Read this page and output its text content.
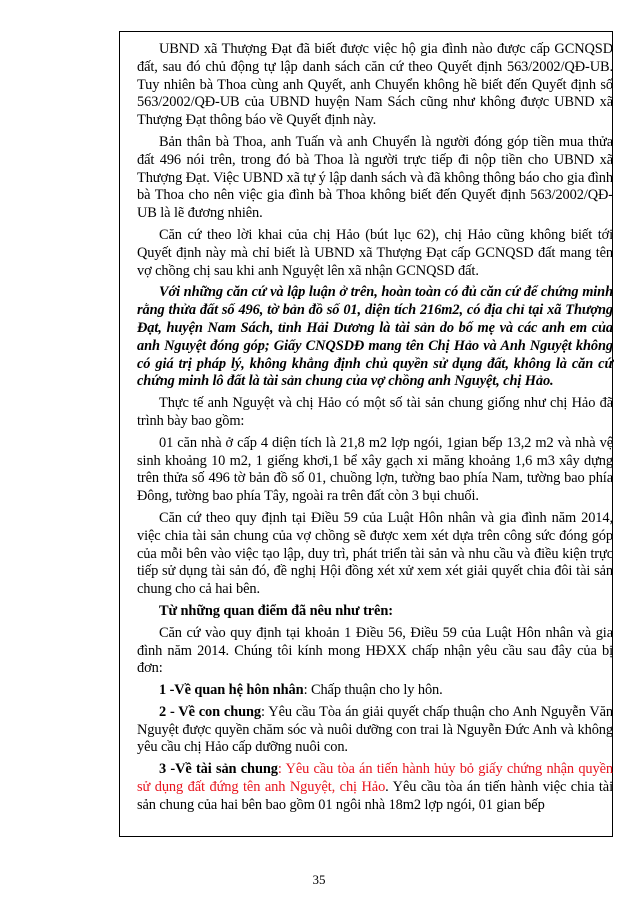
UBND xã Thượng Đạt đã biết được việc hộ gia đình nào được cấp GCNQSD đất, sau đó chủ động tự lập danh sách căn cứ theo Quyết định 563/2002/QĐ-UB. Tuy nhiên bà Thoa cùng anh Quyết, anh Chuyển không hề biết đến Quyết định số 563/2002/QĐ-UB của UBND huyện Nam Sách cũng như không được UBND xã Thượng Đạt thông báo về Quyết định này.

Bản thân bà Thoa, anh Tuấn và anh Chuyển là người đóng góp tiền mua thửa đất 496 nói trên, trong đó bà Thoa là người trực tiếp đi nộp tiền cho UBND xã Thượng Đạt. Việc UBND xã tự ý lập danh sách và đã không thông báo cho gia đình bà Thoa cho nên việc gia đình bà Thoa không biết đến Quyết định 563/2002/QĐ-UB là lẽ đương nhiên.

Căn cứ theo lời khai của chị Hảo (bút lục 62), chị Hảo cũng không biết tới Quyết định này mà chỉ biết là UBND xã Thượng Đạt cấp GCNQSD đất mang tên vợ chồng chị sau khi anh Nguyệt lên xã nhận GCNQSD đất.

Với những căn cứ và lập luận ở trên, hoàn toàn có đủ căn cứ để chứng minh rằng thửa đất số 496, tờ bản đồ số 01, diện tích 216m2, có địa chỉ tại xã Thượng Đạt, huyện Nam Sách, tỉnh Hải Dương là tài sản do bố mẹ và các anh em của anh Nguyệt đóng góp; Giấy CNQSDĐ mang tên Chị Hảo và Anh Nguyệt không có giá trị pháp lý, không khẳng định chủ quyền sử dụng đất, không là căn cứ chứng minh lô đất là tài sản chung của vợ chồng anh Nguyệt, chị Hảo.

Thực tế anh Nguyệt và chị Hảo có một số tài sản chung giống như chị Hảo đã trình bày bao gồm:

01 căn nhà ở cấp 4 diện tích là 21,8 m2 lợp ngói, 1gian bếp 13,2 m2 và nhà vệ sinh khoảng 10 m2, 1 giếng khơi,1 bể xây gạch xi măng khoảng 1,6 m3 xây dựng trên thửa số 496 tờ bản đồ số 01, chuồng lợn, tường bao phía Nam, tường bao phía Đông, tường bao phía Tây, ngoài ra trên đất còn 3 bụi chuối.

Căn cứ theo quy định tại Điều 59 của Luật Hôn nhân và gia đình năm 2014, việc chia tài sản chung của vợ chồng sẽ được xem xét dựa trên công sức đóng góp của mỗi bên vào việc tạo lập, duy trì, phát triển tài sản và nhu cầu và điều kiện trực tiếp sử dụng tài sản đó, đề nghị Hội đồng xét xử xem xét giải quyết chia đôi tài sản chung cho cả hai bên.

Từ những quan điểm đã nêu như trên:

Căn cứ vào quy định tại khoản 1 Điều 56, Điều 59 của Luật Hôn nhân và gia đình năm 2014. Chúng tôi kính mong HĐXX chấp nhận yêu cầu sau đây của bị đơn:

1 -Về quan hệ hôn nhân: Chấp thuận cho ly hôn.

2 - Về con chung: Yêu cầu Tòa án giải quyết chấp thuận cho Anh Nguyễn Văn Nguyệt được quyền chăm sóc và nuôi dưỡng con trai là Nguyễn Đức Anh và không yêu cầu chị Hảo cấp dưỡng nuôi con.

3 -Về tài sản chung: Yêu cầu tòa án tiến hành hủy bỏ giấy chứng nhận quyền sử dụng đất đứng tên anh Nguyệt, chị Hảo. Yêu cầu tòa án tiến hành việc chia tài sản chung của hai bên bao gồm 01 ngôi nhà 18m2 lợp ngói, 01 gian bếp

35
